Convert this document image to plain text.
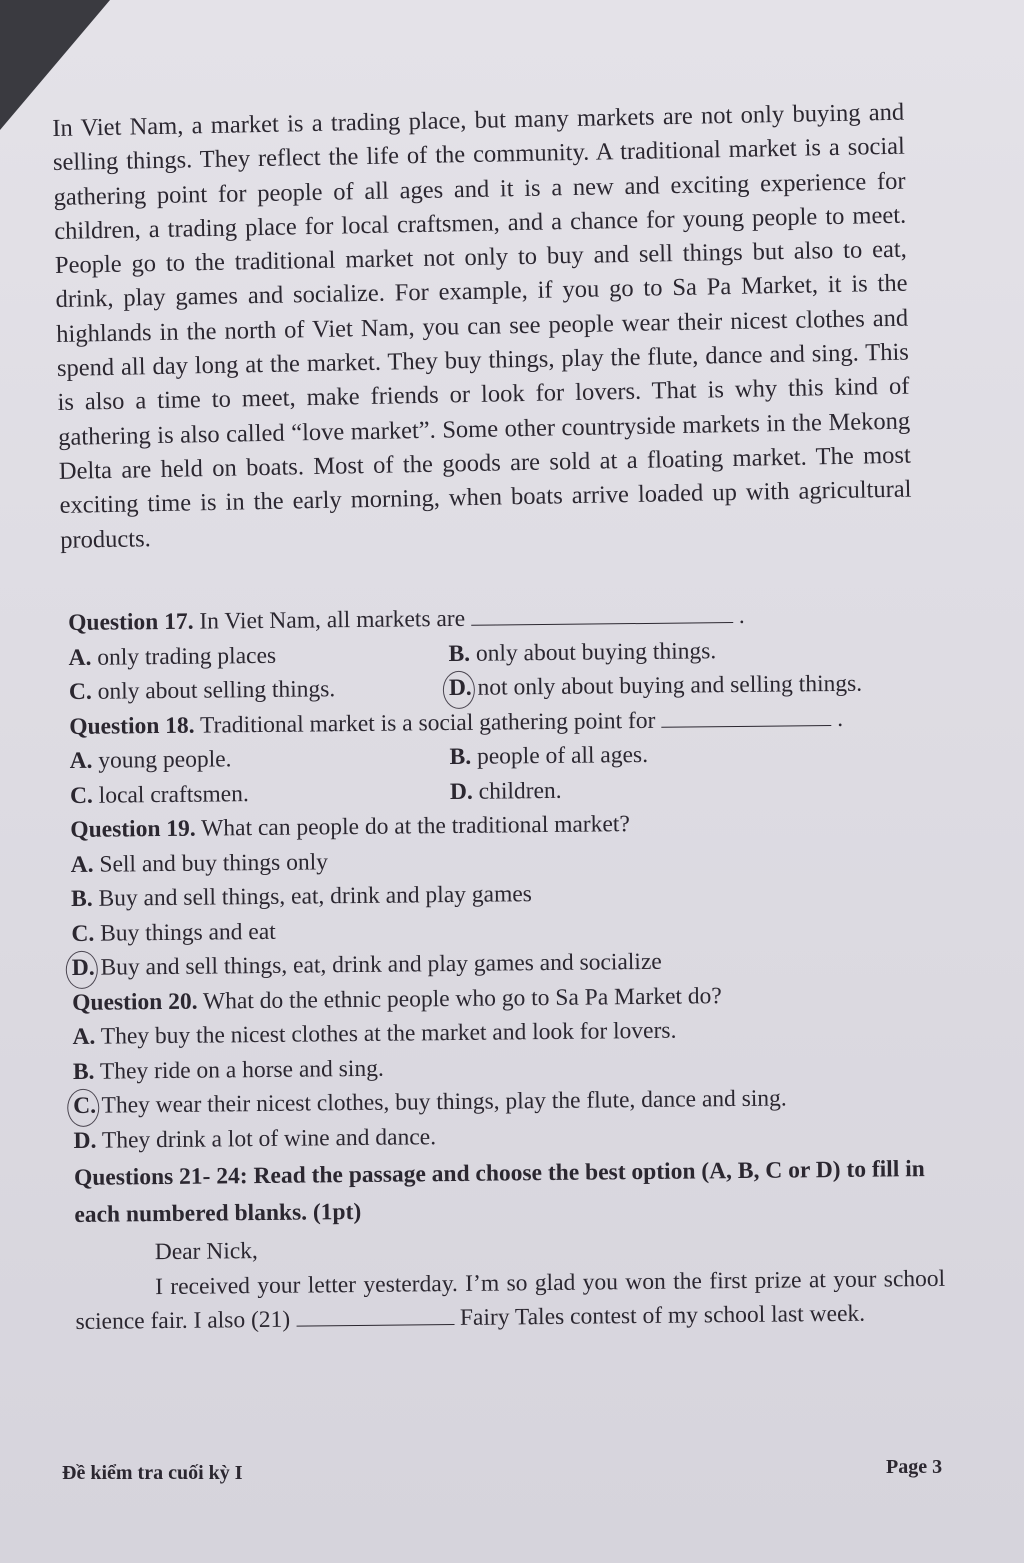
In Viet Nam, a market is a trading place, but many markets are not only buying and selling things. They reflect the life of the community. A traditional market is a social gathering point for people of all ages and it is a new and exciting experience for children, a trading place for local craftsmen, and a chance for young people to meet. People go to the traditional market not only to buy and sell things but also to eat, drink, play games and socialize. For example, if you go to Sa Pa Market, it is the highlands in the north of Viet Nam, you can see people wear their nicest clothes and spend all day long at the market. They buy things, play the flute, dance and sing. This is also a time to meet, make friends or look for lovers. That is why this kind of gathering is also called “love market”. Some other countryside markets in the Mekong Delta are held on boats. Most of the goods are sold at a floating market. The most exciting time is in the early morning, when boats arrive loaded up with agricultural products.
Question 17. In Viet Nam, all markets are	.
A. only trading places	B. only about buying things.
C. only about selling things.	D. not only about buying and selling things.
Question 18. Traditional market is a social gathering point for	.
A. young people.	B. people of all ages.
C. local craftsmen.	D. children.
Question 19. What can people do at the traditional market?
A. Sell and buy things only
B. Buy and sell things, eat, drink and play games
C. Buy things and eat
D. Buy and sell things, eat, drink and play games and socialize
Question 20. What do the ethnic people who go to Sa Pa Market do?
A. They buy the nicest clothes at the market and look for lovers.
B. They ride on a horse and sing.
C. They wear their nicest clothes, buy things, play the flute, dance and sing.
D. They drink a lot of wine and dance.
Questions 21- 24: Read the passage and choose the best option (A, B, C or D) to fill in each numbered blanks. (1pt)
Dear Nick,
I received your letter yesterday. I’m so glad you won the first prize at your school science fair. I also (21)	Fairy Tales contest of my school last week.
Đề kiểm tra cuối kỳ I	Page 3
